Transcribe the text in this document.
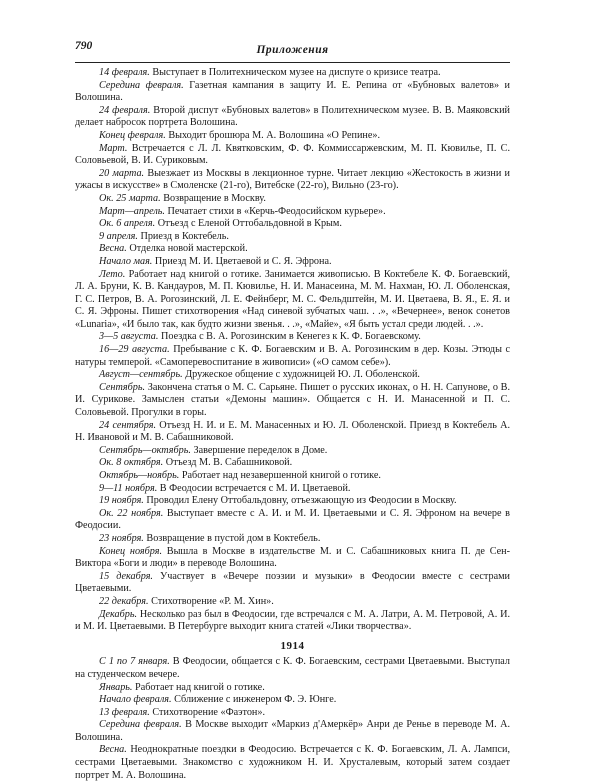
790	Приложения

14 февраля. Выступает в Политехническом музее на диспуте о кризисе театра.

Середина февраля. Газетная кампания в защиту И. Е. Репина от «Бубновых валетов» и Волошина.

24 февраля. Второй диспут «Бубновых валетов» в Политехническом музее. В. В. Маяковский делает набросок портрета Волошина.

Конец февраля. Выходит брошюра М. А. Волошина «О Репине».

Март. Встречается с Л. Л. Квятковским, Ф. Ф. Коммиссаржевским, М. П. Кювилье, П. С. Соловьевой, В. И. Суриковым.

20 марта. Выезжает из Москвы в лекционное турне. Читает лекцию «Жестокость в жизни и ужасы в искусстве» в Смоленске (21-го), Витебске (22-го), Вильно (23-го).

Ок. 25 марта. Возвращение в Москву.

Март—апрель. Печатает стихи в «Керчь-Феодосийском курьере».

Ок. 6 апреля. Отъезд с Еленой Оттобальдовной в Крым.

9 апреля. Приезд в Коктебель.

Весна. Отделка новой мастерской.

Начало мая. Приезд М. И. Цветаевой и С. Я. Эфрона.

Лето. Работает над книгой о готике. Занимается живописью. В Коктебеле К. Ф. Богаевский, Л. А. Бруни, К. В. Кандауров, М. П. Кювилье, Н. И. Манасеина, М. М. Нахман, Ю. Л. Оболенская, Г. С. Петров, В. А. Рогозинский, Л. Е. Фейнберг, М. С. Фельдштейн, М. И. Цветаева, В. Я., Е. Я. и С. Я. Эфроны. Пишет стихотворения «Над синевой зубчатых чаш. . .», «Вечернее», венок сонетов «Lunaria», «И было так, как будто жизни звенья. . .», «Майе», «Я быть устал среди людей. . .».

3—5 августа. Поездка с В. А. Рогозинским в Кенегез к К. Ф. Богаевскому.

16—29 августа. Пребывание с К. Ф. Богаевским и В. А. Рогозинским в дер. Козы. Этюды с натуры темперой. «Самоперевоспитание в живописи» («О самом себе»).

Август—сентябрь. Дружеское общение с художницей Ю. Л. Оболенской.

Сентябрь. Закончена статья о М. С. Сарьяне. Пишет о русских иконах, о Н. Н. Сапунове, о В. И. Сурикове. Замыслен статьи «Демоны машин». Общается с Н. И. Манасенной и П. С. Соловьевой. Прогулки в горы.

24 сентября. Отъезд Н. И. и Е. М. Манасенных и Ю. Л. Оболенской. Приезд в Коктебель А. Н. Ивановой и М. В. Сабашниковой.

Сентябрь—октябрь. Завершение переделок в Доме.

Ок. 8 октября. Отъезд М. В. Сабашниковой.

Октябрь—ноябрь. Работает над незавершенной книгой о готике.

9—11 ноября. В Феодосии встречается с М. И. Цветаевой.

19 ноября. Проводил Елену Оттобальдовну, отъезжающую из Феодосии в Москву.

Ок. 22 ноября. Выступает вместе с А. И. и М. И. Цветаевыми и С. Я. Эфроном на вечере в Феодосии.

23 ноября. Возвращение в пустой дом в Коктебель.

Конец ноября. Вышла в Москве в издательстве М. и С. Сабашниковых книга П. де Сен-Виктора «Боги и люди» в переводе Волошина.

15 декабря. Участвует в «Вечере поэзии и музыки» в Феодосии вместе с сестрами Цветаевыми.

22 декабря. Стихотворение «Р. М. Хин».

Декабрь. Несколько раз был в Феодосии, где встречался с М. А. Латри, А. М. Петровой, А. И. и М. И. Цветаевыми. В Петербурге выходит книга статей «Лики творчества».

1914

С 1 по 7 января. В Феодосии, общается с К. Ф. Богаевским, сестрами Цветаевыми. Выступал на студенческом вечере.

Январь. Работает над книгой о готике.

Начало февраля. Сближение с инженером Ф. Э. Юнге.

13 февраля. Стихотворение «Фаэтон».

Середина февраля. В Москве выходит «Маркиз д'Амеркёр» Анри де Ренье в переводе М. А. Волошина.

Весна. Неоднократные поездки в Феодосию. Встречается с К. Ф. Богаевским, Л. А. Лампси, сестрами Цветаевыми. Знакомство с художником Н. И. Хрусталевым, который затем создает портрет М. А. Волошина.
